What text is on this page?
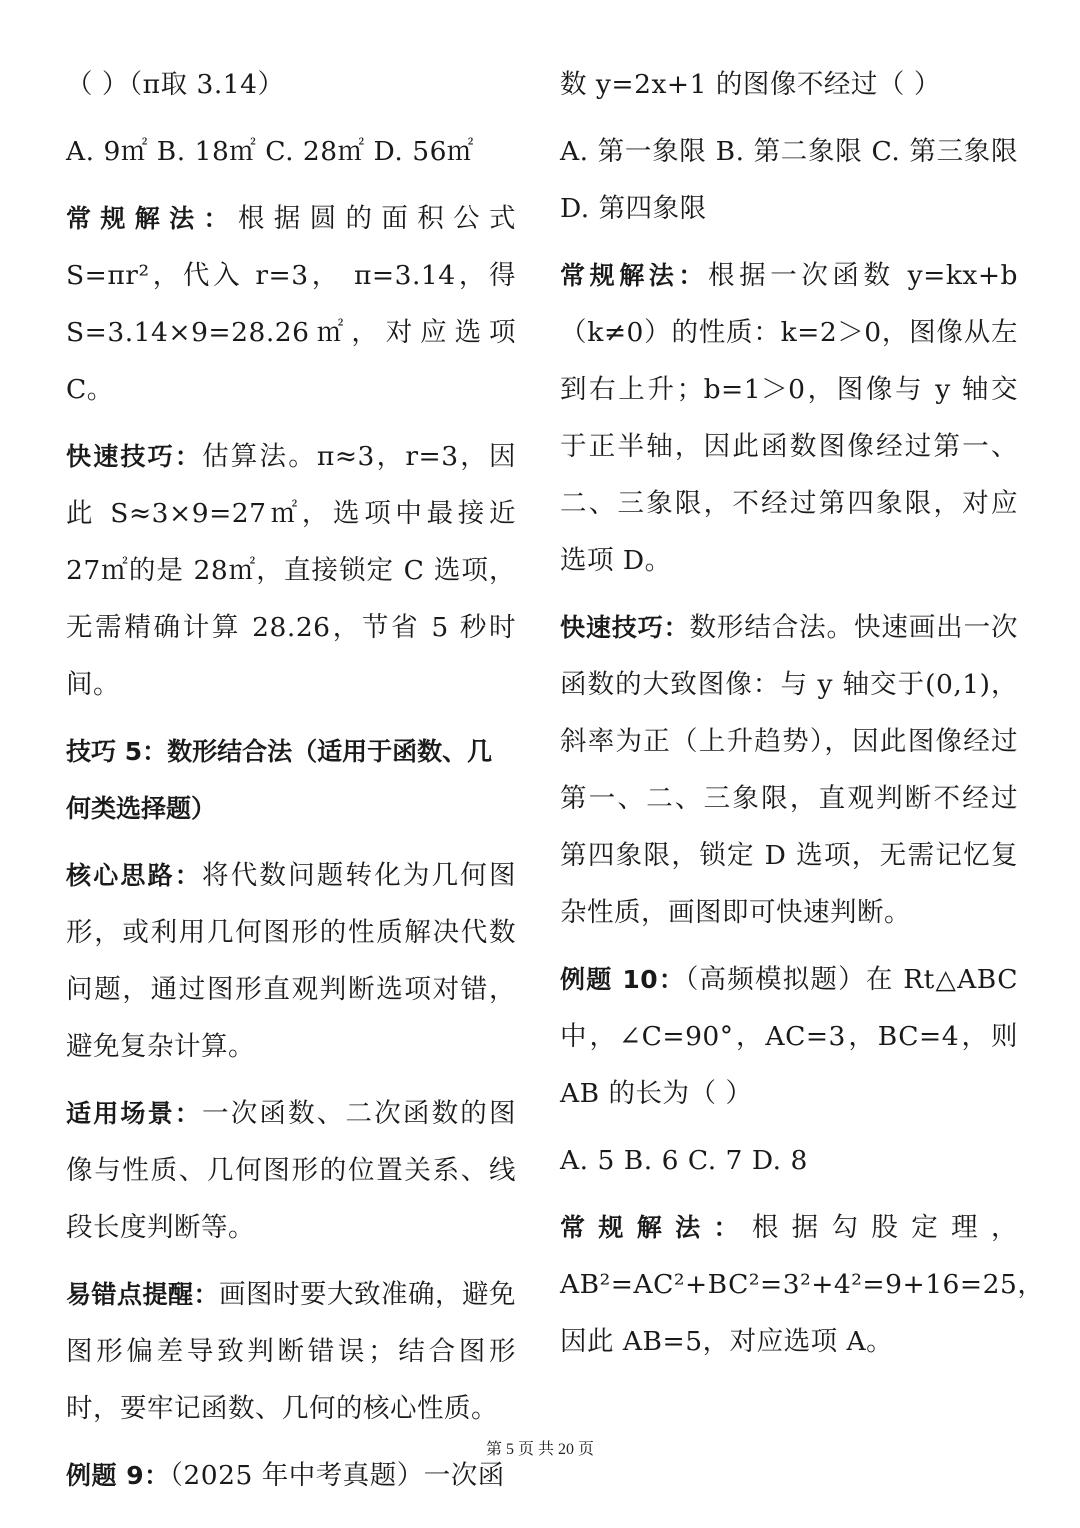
（ ）（π取 3.14）

A. 9㎡ B. 18㎡ C. 28㎡ D. 56㎡

常规解法：根据圆的面积公式 S=πr²，代入 r=3， π=3.14，得 S=3.14×9=28.26㎡，对应选项 C。

快速技巧：估算法。π≈3，r=3，因此 S≈3×9=27㎡，选项中最接近 27㎡的是 28㎡，直接锁定 C 选项，无需精确计算 28.26，节省 5 秒时间。

技巧 5：数形结合法（适用于函数、几何类选择题）

核心思路：将代数问题转化为几何图形，或利用几何图形的性质解决代数问题，通过图形直观判断选项对错，避免复杂计算。

适用场景：一次函数、二次函数的图像与性质、几何图形的位置关系、线段长度判断等。

易错点提醒：画图时要大致准确，避免图形偏差导致判断错误；结合图形时，要牢记函数、几何的核心性质。

例题 9：（2025 年中考真题）一次函

数 y=2x+1 的图像不经过（ ）

A. 第一象限 B. 第二象限 C. 第三象限 D. 第四象限

常规解法：根据一次函数 y=kx+b（k≠0）的性质：k=2＞0，图像从左到右上升；b=1＞0，图像与 y 轴交于正半轴，因此函数图像经过第一、二、三象限，不经过第四象限，对应选项 D。

快速技巧：数形结合法。快速画出一次函数的大致图像：与 y 轴交于(0,1)，斜率为正（上升趋势），因此图像经过第一、二、三象限，直观判断不经过第四象限，锁定 D 选项，无需记忆复杂性质，画图即可快速判断。

例题 10：（高频模拟题）在 Rt△ABC 中，∠C=90°，AC=3，BC=4，则 AB 的长为（ ）

A. 5 B. 6 C. 7 D. 8

常规解法：根据勾股定理，AB²=AC²+BC²=3²+4²=9+16=25，因此 AB=5，对应选项 A。

第 5 页 共 20 页
